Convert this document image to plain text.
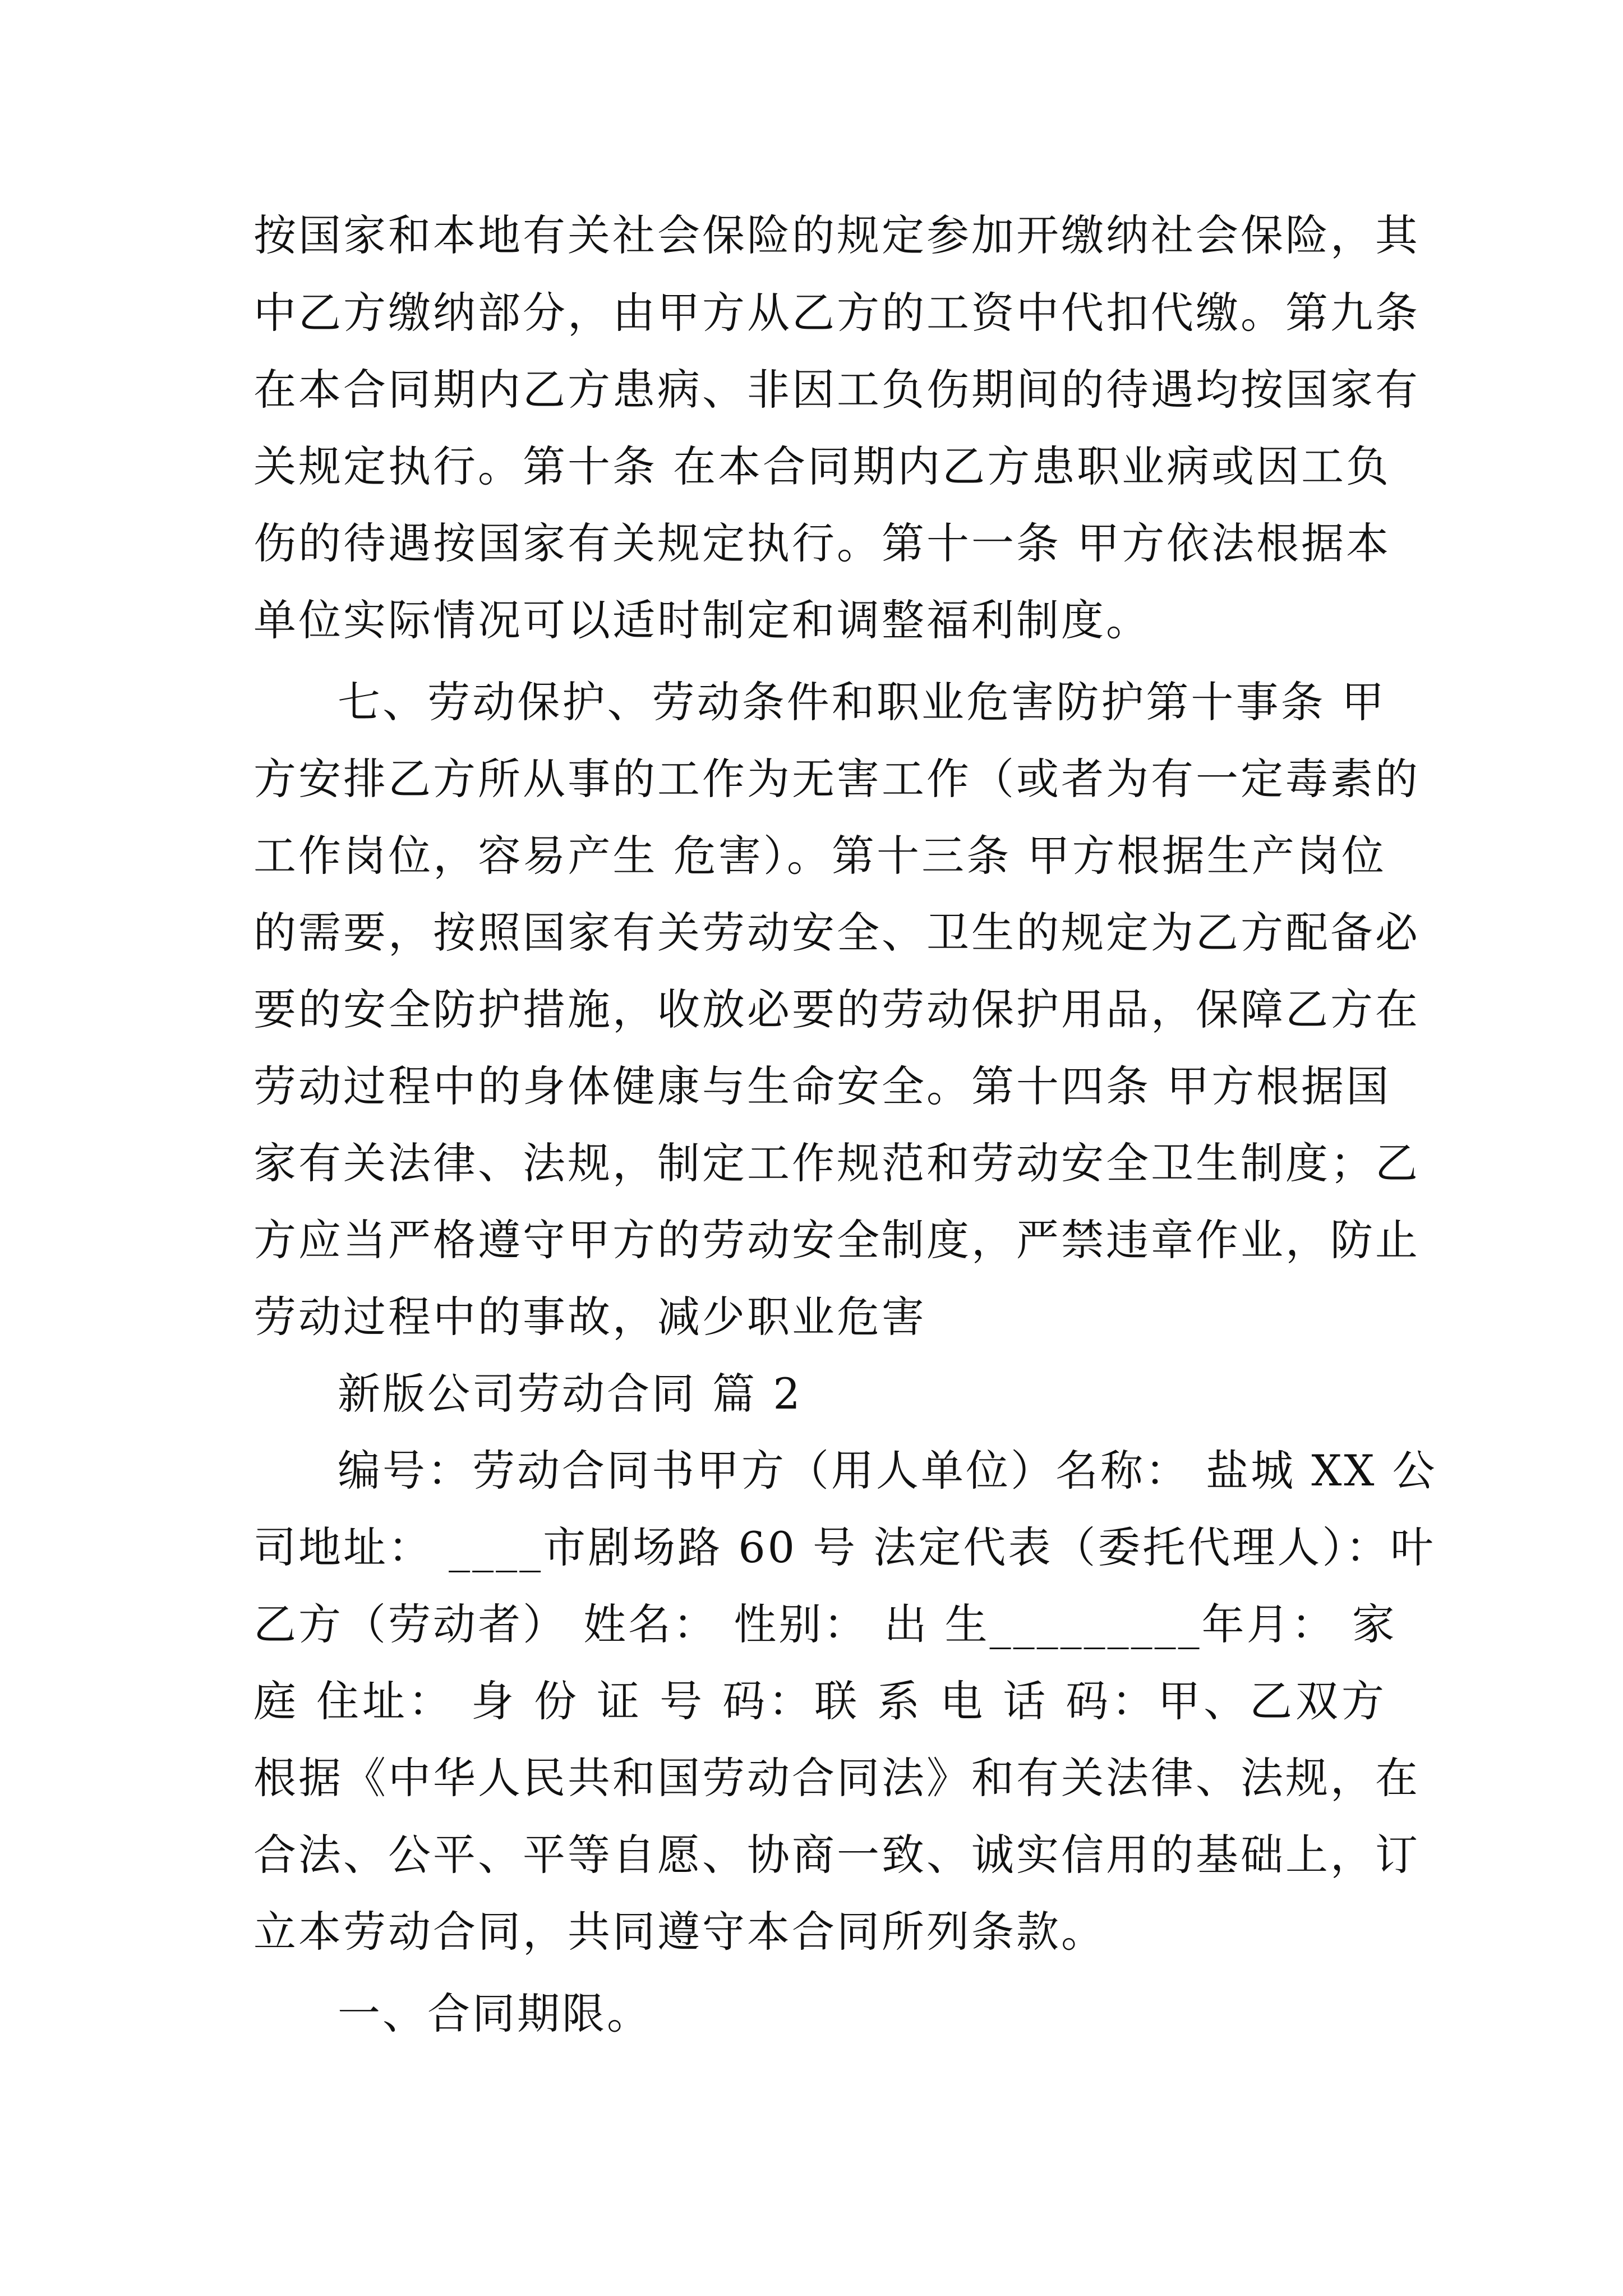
按国家和本地有关社会保险的规定参加开缴纳社会保险，其
中乙方缴纳部分，由甲方从乙方的工资中代扣代缴。第九条
在本合同期内乙方患病、非因工负伤期间的待遇均按国家有
关规定执行。第十条 在本合同期内乙方患职业病或因工负
伤的待遇按国家有关规定执行。第十一条 甲方依法根据本
单位实际情况可以适时制定和调整福利制度。
七、劳动保护、劳动条件和职业危害防护第十事条 甲
方安排乙方所从事的工作为无害工作（或者为有一定毒素的
工作岗位，容易产生 危害）。第十三条 甲方根据生产岗位
的需要，按照国家有关劳动安全、卫生的规定为乙方配备必
要的安全防护措施，收放必要的劳动保护用品，保障乙方在
劳动过程中的身体健康与生命安全。第十四条 甲方根据国
家有关法律、法规，制定工作规范和劳动安全卫生制度；乙
方应当严格遵守甲方的劳动安全制度，严禁违章作业，防止
劳动过程中的事故，减少职业危害
新版公司劳动合同 篇 2
编号：劳动合同书甲方（用人单位）名称： 盐城 XX 公
司地址： ____市剧场路 60 号 法定代表（委托代理人）：叶
乙方（劳动者） 姓名： 性别： 出 生_________年月： 家
庭 住址： 身 份 证 号 码：联 系 电 话 码：甲、乙双方
根据《中华人民共和国劳动合同法》和有关法律、法规，在
合法、公平、平等自愿、协商一致、诚实信用的基础上，订
立本劳动合同，共同遵守本合同所列条款。
一、合同期限。
